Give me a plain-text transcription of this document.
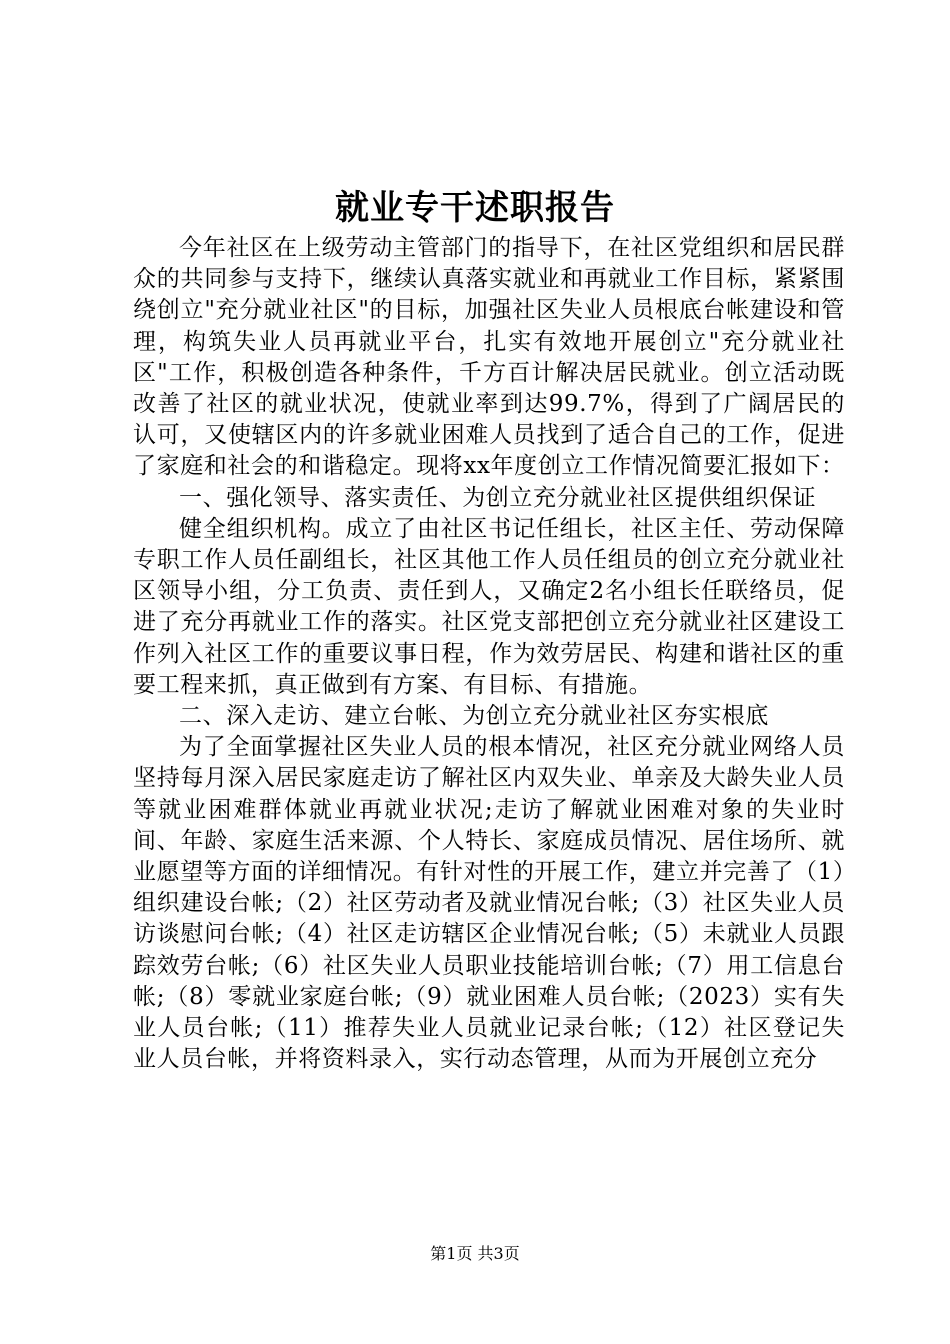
就业专干述职报告

今年社区在上级劳动主管部门的指导下，在社区党组织和居民群众的共同参与支持下，继续认真落实就业和再就业工作目标，紧紧围绕创立"充分就业社区"的目标，加强社区失业人员根底台帐建设和管理，构筑失业人员再就业平台，扎实有效地开展创立"充分就业社区"工作，积极创造各种条件，千方百计解决居民就业。创立活动既改善了社区的就业状况，使就业率到达99.7%，得到了广阔居民的认可，又使辖区内的许多就业困难人员找到了适合自己的工作，促进了家庭和社会的和谐稳定。现将xx年度创立工作情况简要汇报如下：

一、强化领导、落实责任、为创立充分就业社区提供组织保证

健全组织机构。成立了由社区书记任组长，社区主任、劳动保障专职工作人员任副组长，社区其他工作人员任组员的创立充分就业社区领导小组，分工负责、责任到人，又确定2名小组长任联络员，促进了充分再就业工作的落实。社区党支部把创立充分就业社区建设工作列入社区工作的重要议事日程，作为效劳居民、构建和谐社区的重要工程来抓，真正做到有方案、有目标、有措施。

二、深入走访、建立台帐、为创立充分就业社区夯实根底

为了全面掌握社区失业人员的根本情况，社区充分就业网络人员坚持每月深入居民家庭走访了解社区内双失业、单亲及大龄失业人员等就业困难群体就业再就业状况;走访了解就业困难对象的失业时间、年龄、家庭生活来源、个人特长、家庭成员情况、居住场所、就业愿望等方面的详细情况。有针对性的开展工作，建立并完善了（1）组织建设台帐;（2）社区劳动者及就业情况台帐;（3）社区失业人员访谈慰问台帐;（4）社区走访辖区企业情况台帐;（5）未就业人员跟踪效劳台帐;（6）社区失业人员职业技能培训台帐;（7）用工信息台帐;（8）零就业家庭台帐;（9）就业困难人员台帐;（2023）实有失业人员台帐;（11）推荐失业人员就业记录台帐;（12）社区登记失业人员台帐，并将资料录入，实行动态管理，从而为开展创立充分

第1页 共3页
